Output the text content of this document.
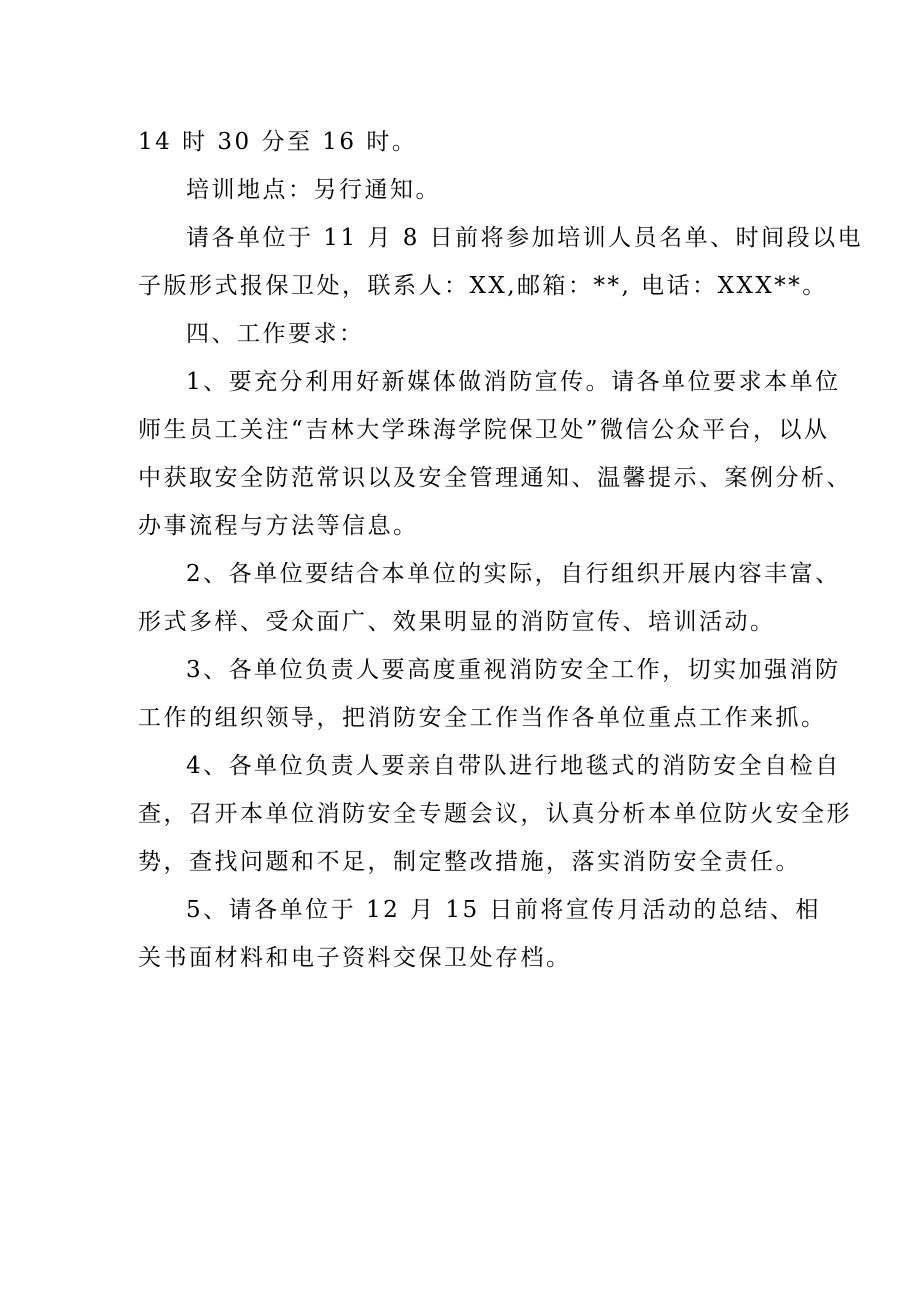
14 时 30 分至 16 时。
培训地点：另行通知。
请各单位于 11 月 8 日前将参加培训人员名单、时间段以电
子版形式报保卫处，联系人：XX,邮箱：**, 电话：XXX**。
四、工作要求：
1、要充分利用好新媒体做消防宣传。请各单位要求本单位
师生员工关注“吉林大学珠海学院保卫处”微信公众平台，以从
中获取安全防范常识以及安全管理通知、温馨提示、案例分析、
办事流程与方法等信息。
2、各单位要结合本单位的实际，自行组织开展内容丰富、
形式多样、受众面广、效果明显的消防宣传、培训活动。
3、各单位负责人要高度重视消防安全工作，切实加强消防
工作的组织领导，把消防安全工作当作各单位重点工作来抓。
4、各单位负责人要亲自带队进行地毯式的消防安全自检自
查，召开本单位消防安全专题会议，认真分析本单位防火安全形
势，查找问题和不足，制定整改措施，落实消防安全责任。
5、请各单位于 12 月 15 日前将宣传月活动的总结、相
关书面材料和电子资料交保卫处存档。
